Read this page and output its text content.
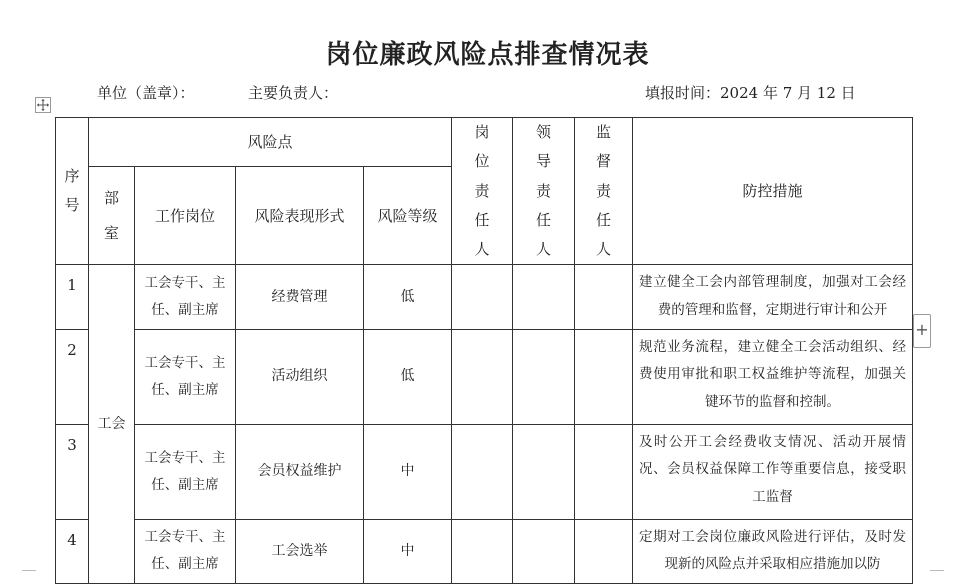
岗位廉政风险点排查情况表
单位（盖章）：	主要负责人：	填报时间：2024 年 7 月 12 日
+
序号	风险点				岗位责任人	领导责任人	监督责任人	防控措施
	部室	工作岗位	风险表现形式	风险等级				
1	工会	工会专干、主任、副主席	经费管理	低				建立健全工会内部管理制度，加强对工会经费的管理和监督，定期进行审计和公开
2		工会专干、主任、副主席	活动组织	低				规范业务流程，建立健全工会活动组织、经费使用审批和职工权益维护等流程，加强关键环节的监督和控制。
3		工会专干、主任、副主席	会员权益维护	中				及时公开工会经费收支情况、活动开展情况、会员权益保障工作等重要信息，接受职工监督
4		工会专干、主任、副主席	工会选举	中				定期对工会岗位廉政风险进行评估，及时发现新的风险点并采取相应措施加以防
